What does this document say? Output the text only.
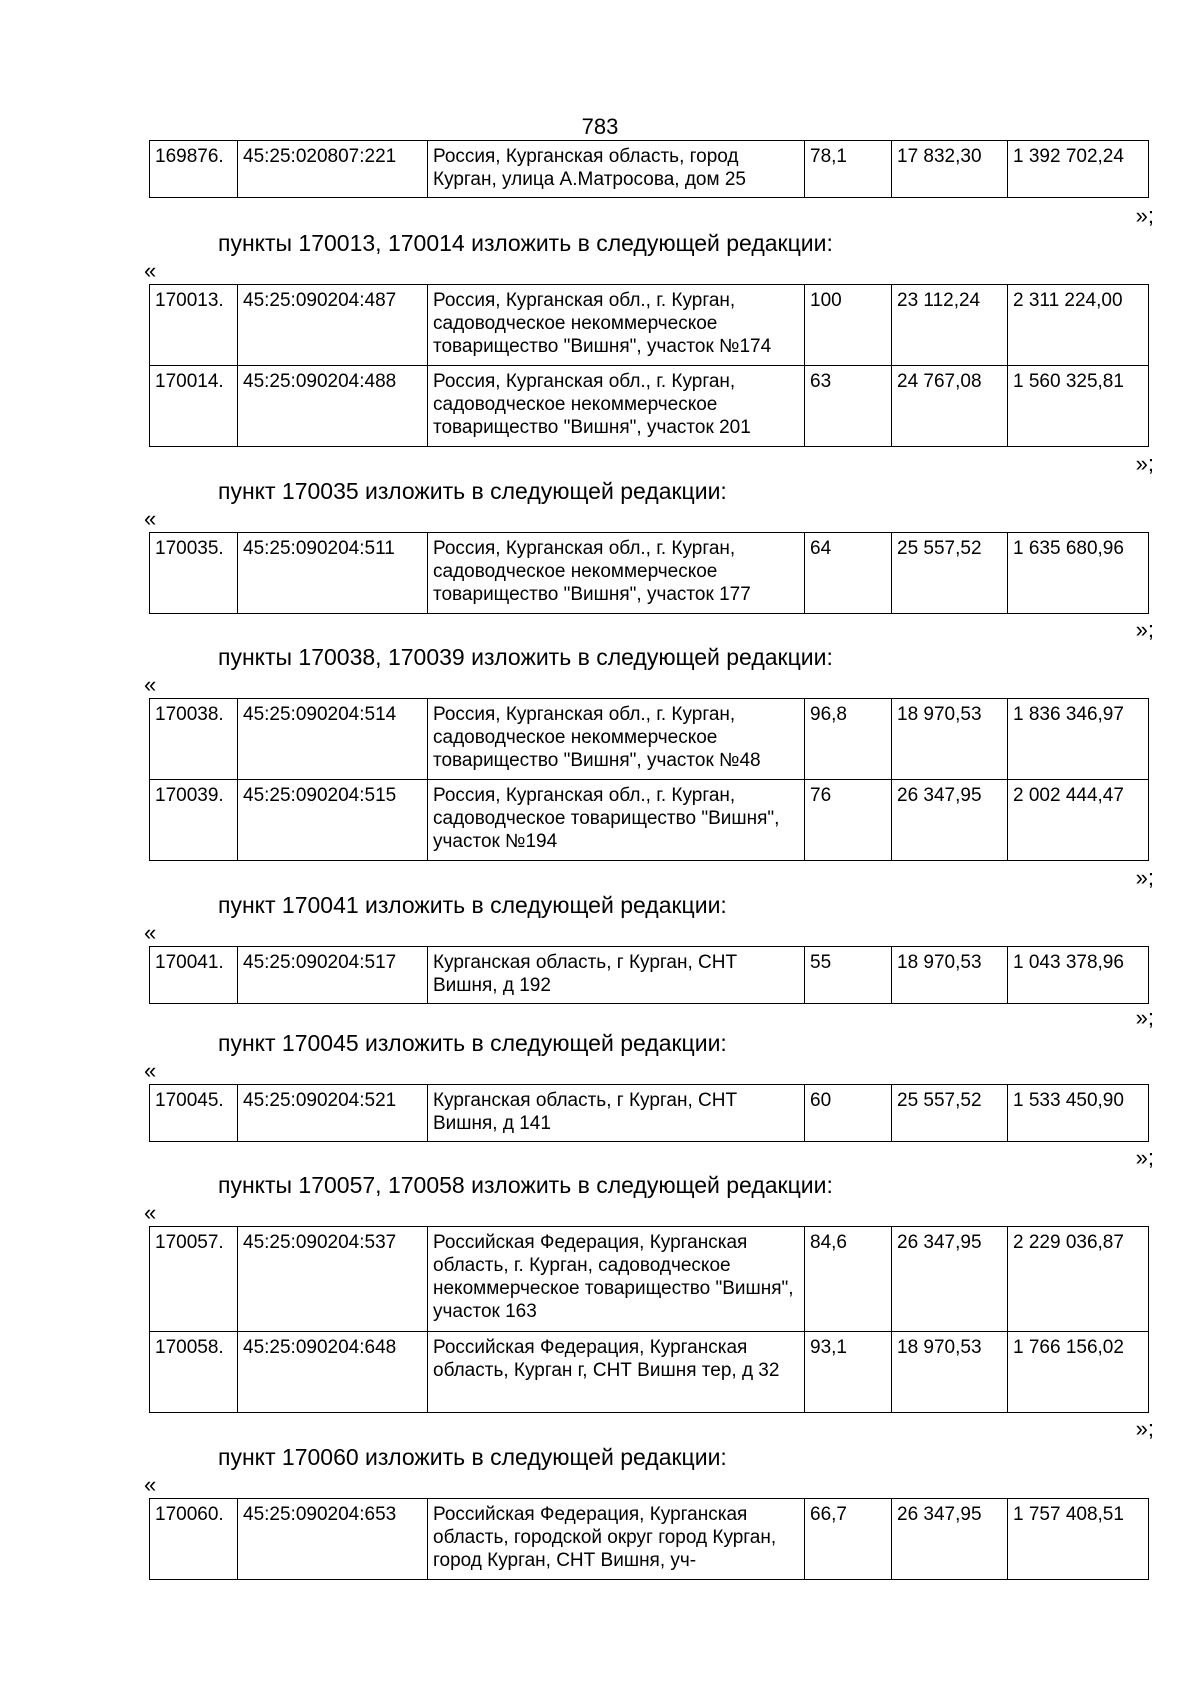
783
169876.	45:25:020807:221	Россия, Курганская область, город Курган, улица А.Матросова, дом 25	78,1	17 832,30	1 392 702,24
»;
пункты 170013, 170014 изложить в следующей редакции:
«
170013.	45:25:090204:487	Россия, Курганская обл., г. Курган, садоводческое некоммерческое товарищество "Вишня", участок №174	100	23 112,24	2 311 224,00
170014.	45:25:090204:488	Россия, Курганская обл., г. Курган, садоводческое некоммерческое товарищество "Вишня", участок 201	63	24 767,08	1 560 325,81
»;
пункт 170035 изложить в следующей редакции:
«
170035.	45:25:090204:511	Россия, Курганская обл., г. Курган, садоводческое некоммерческое товарищество "Вишня", участок 177	64	25 557,52	1 635 680,96
»;
пункты 170038, 170039 изложить в следующей редакции:
«
170038.	45:25:090204:514	Россия, Курганская обл., г. Курган, садоводческое некоммерческое товарищество "Вишня", участок №48	96,8	18 970,53	1 836 346,97
170039.	45:25:090204:515	Россия, Курганская обл., г. Курган, садоводческое товарищество "Вишня", участок №194	76	26 347,95	2 002 444,47
»;
пункт 170041 изложить в следующей редакции:
«
170041.	45:25:090204:517	Курганская область, г Курган, СНТ Вишня, д 192	55	18 970,53	1 043 378,96
»;
пункт 170045 изложить в следующей редакции:
«
170045.	45:25:090204:521	Курганская область, г Курган, СНТ Вишня, д 141	60	25 557,52	1 533 450,90
»;
пункты 170057, 170058 изложить в следующей редакции:
«
170057.	45:25:090204:537	Российская Федерация, Курганская область, г. Курган, садоводческое некоммерческое товарищество "Вишня", участок 163	84,6	26 347,95	2 229 036,87
170058.	45:25:090204:648	Российская Федерация, Курганская область, Курган г, СНТ Вишня тер, д 32	93,1	18 970,53	1 766 156,02
»;
пункт 170060 изложить в следующей редакции:
«
170060.	45:25:090204:653	Российская Федерация, Курганская область, городской округ город Курган, город Курган, СНТ Вишня, уч-	66,7	26 347,95	1 757 408,51
